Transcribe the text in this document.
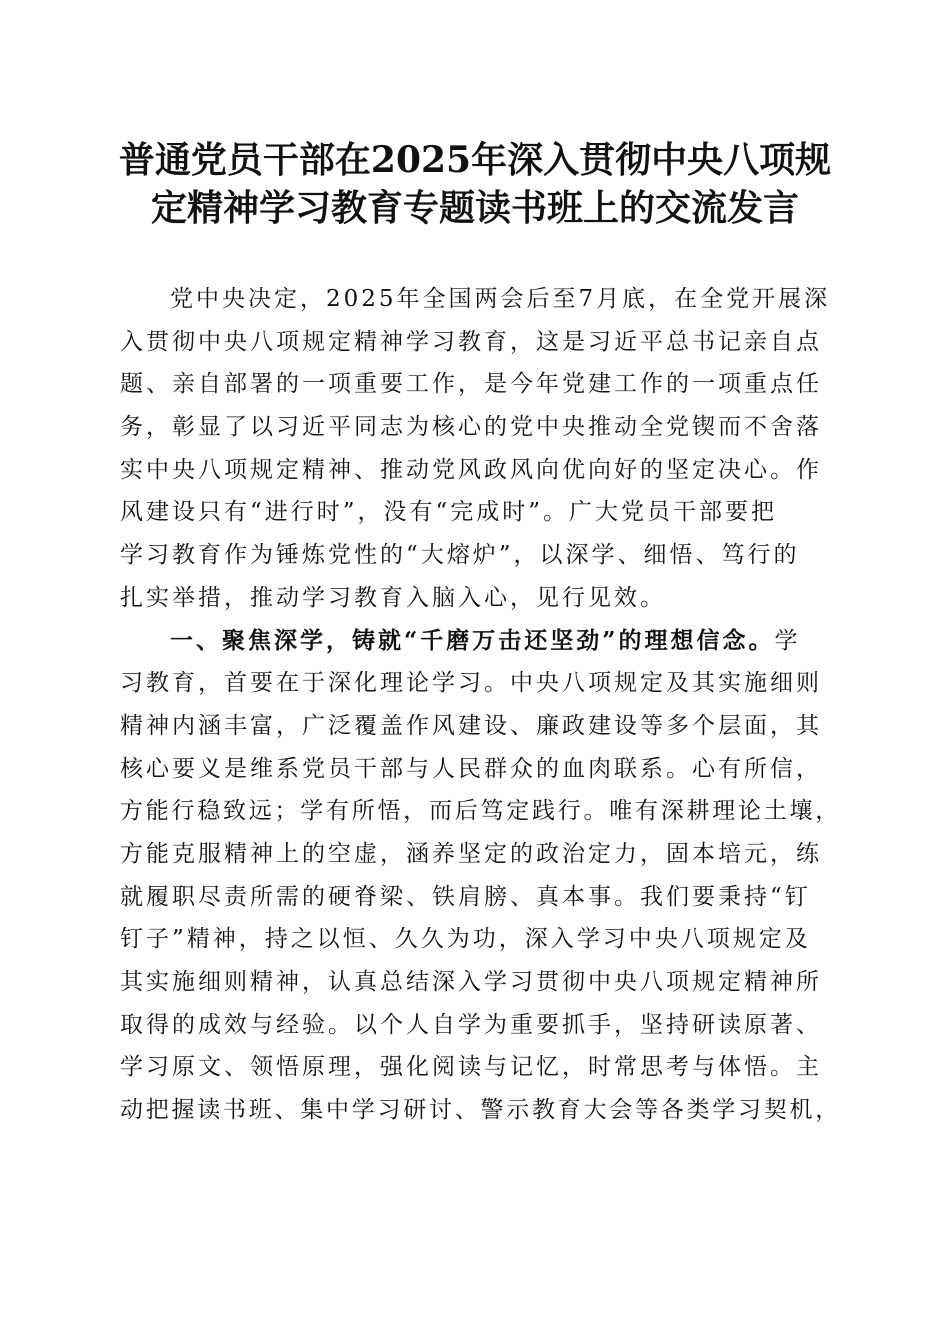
普通党员干部在2025年深入贯彻中央八项规
定精神学习教育专题读书班上的交流发言
党中央决定，2025年全国两会后至7月底，在全党开展深
入贯彻中央八项规定精神学习教育，这是习近平总书记亲自点
题、亲自部署的一项重要工作，是今年党建工作的一项重点任
务，彰显了以习近平同志为核心的党中央推动全党锲而不舍落
实中央八项规定精神、推动党风政风向优向好的坚定决心。作
风建设只有“进行时”，没有“完成时”。广大党员干部要把
学习教育作为锤炼党性的“大熔炉”，以深学、细悟、笃行的
扎实举措，推动学习教育入脑入心，见行见效。
一、聚焦深学，铸就“千磨万击还坚劲”的理想信念。学
习教育，首要在于深化理论学习。中央八项规定及其实施细则
精神内涵丰富，广泛覆盖作风建设、廉政建设等多个层面，其
核心要义是维系党员干部与人民群众的血肉联系。心有所信，
方能行稳致远；学有所悟，而后笃定践行。唯有深耕理论土壤，
方能克服精神上的空虚，涵养坚定的政治定力，固本培元，练
就履职尽责所需的硬脊梁、铁肩膀、真本事。我们要秉持“钉
钉子”精神，持之以恒、久久为功，深入学习中央八项规定及
其实施细则精神，认真总结深入学习贯彻中央八项规定精神所
取得的成效与经验。以个人自学为重要抓手，坚持研读原著、
学习原文、领悟原理，强化阅读与记忆，时常思考与体悟。主
动把握读书班、集中学习研讨、警示教育大会等各类学习契机，
